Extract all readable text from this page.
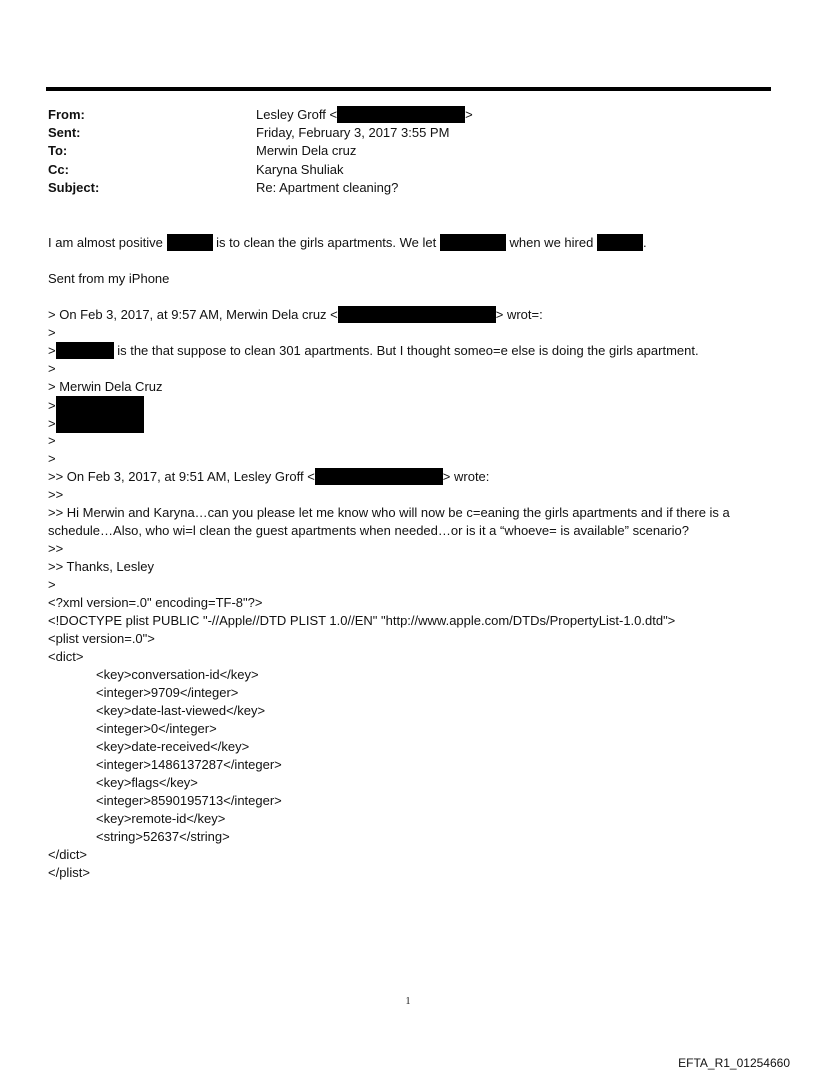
From:	Lesley Groff <	>
Sent:	Friday, February 3, 2017 3:55 PM
To:	Merwin Dela cruz
Cc:	Karyna Shuliak
Subject:	Re: Apartment cleaning?
I am almost positive	is to clean the girls apartments. We let	when we hired	.
Sent from my iPhone
> On Feb 3, 2017, at 9:57 AM, Merwin Dela cruz <	> wrot=:
>
>	is the that suppose to clean 301 apartments. But I thought someo=e else is doing the girls apartment.
>
> Merwin Dela Cruz
>
>
>
>
>> On Feb 3, 2017, at 9:51 AM, Lesley Groff <	> wrote:
>>
>> Hi Merwin and Karyna…can you please let me know who will now be c=eaning the girls apartments and if there is a schedule…Also, who wi=l clean the guest apartments when needed…or is it a “whoeve= is available” scenario?
>>
>> Thanks, Lesley
>
<?xml version=.0" encoding=TF-8"?>
<!DOCTYPE plist PUBLIC "-//Apple//DTD PLIST 1.0//EN" "http://www.apple.com/DTDs/PropertyList-1.0.dtd">
<plist version=.0">
<dict>
<key>conversation-id</key>
<integer>9709</integer>
<key>date-last-viewed</key>
<integer>0</integer>
<key>date-received</key>
<integer>1486137287</integer>
<key>flags</key>
<integer>8590195713</integer>
<key>remote-id</key>
<string>52637</string>
</dict>
</plist>
1
EFTA_R1_01254660
